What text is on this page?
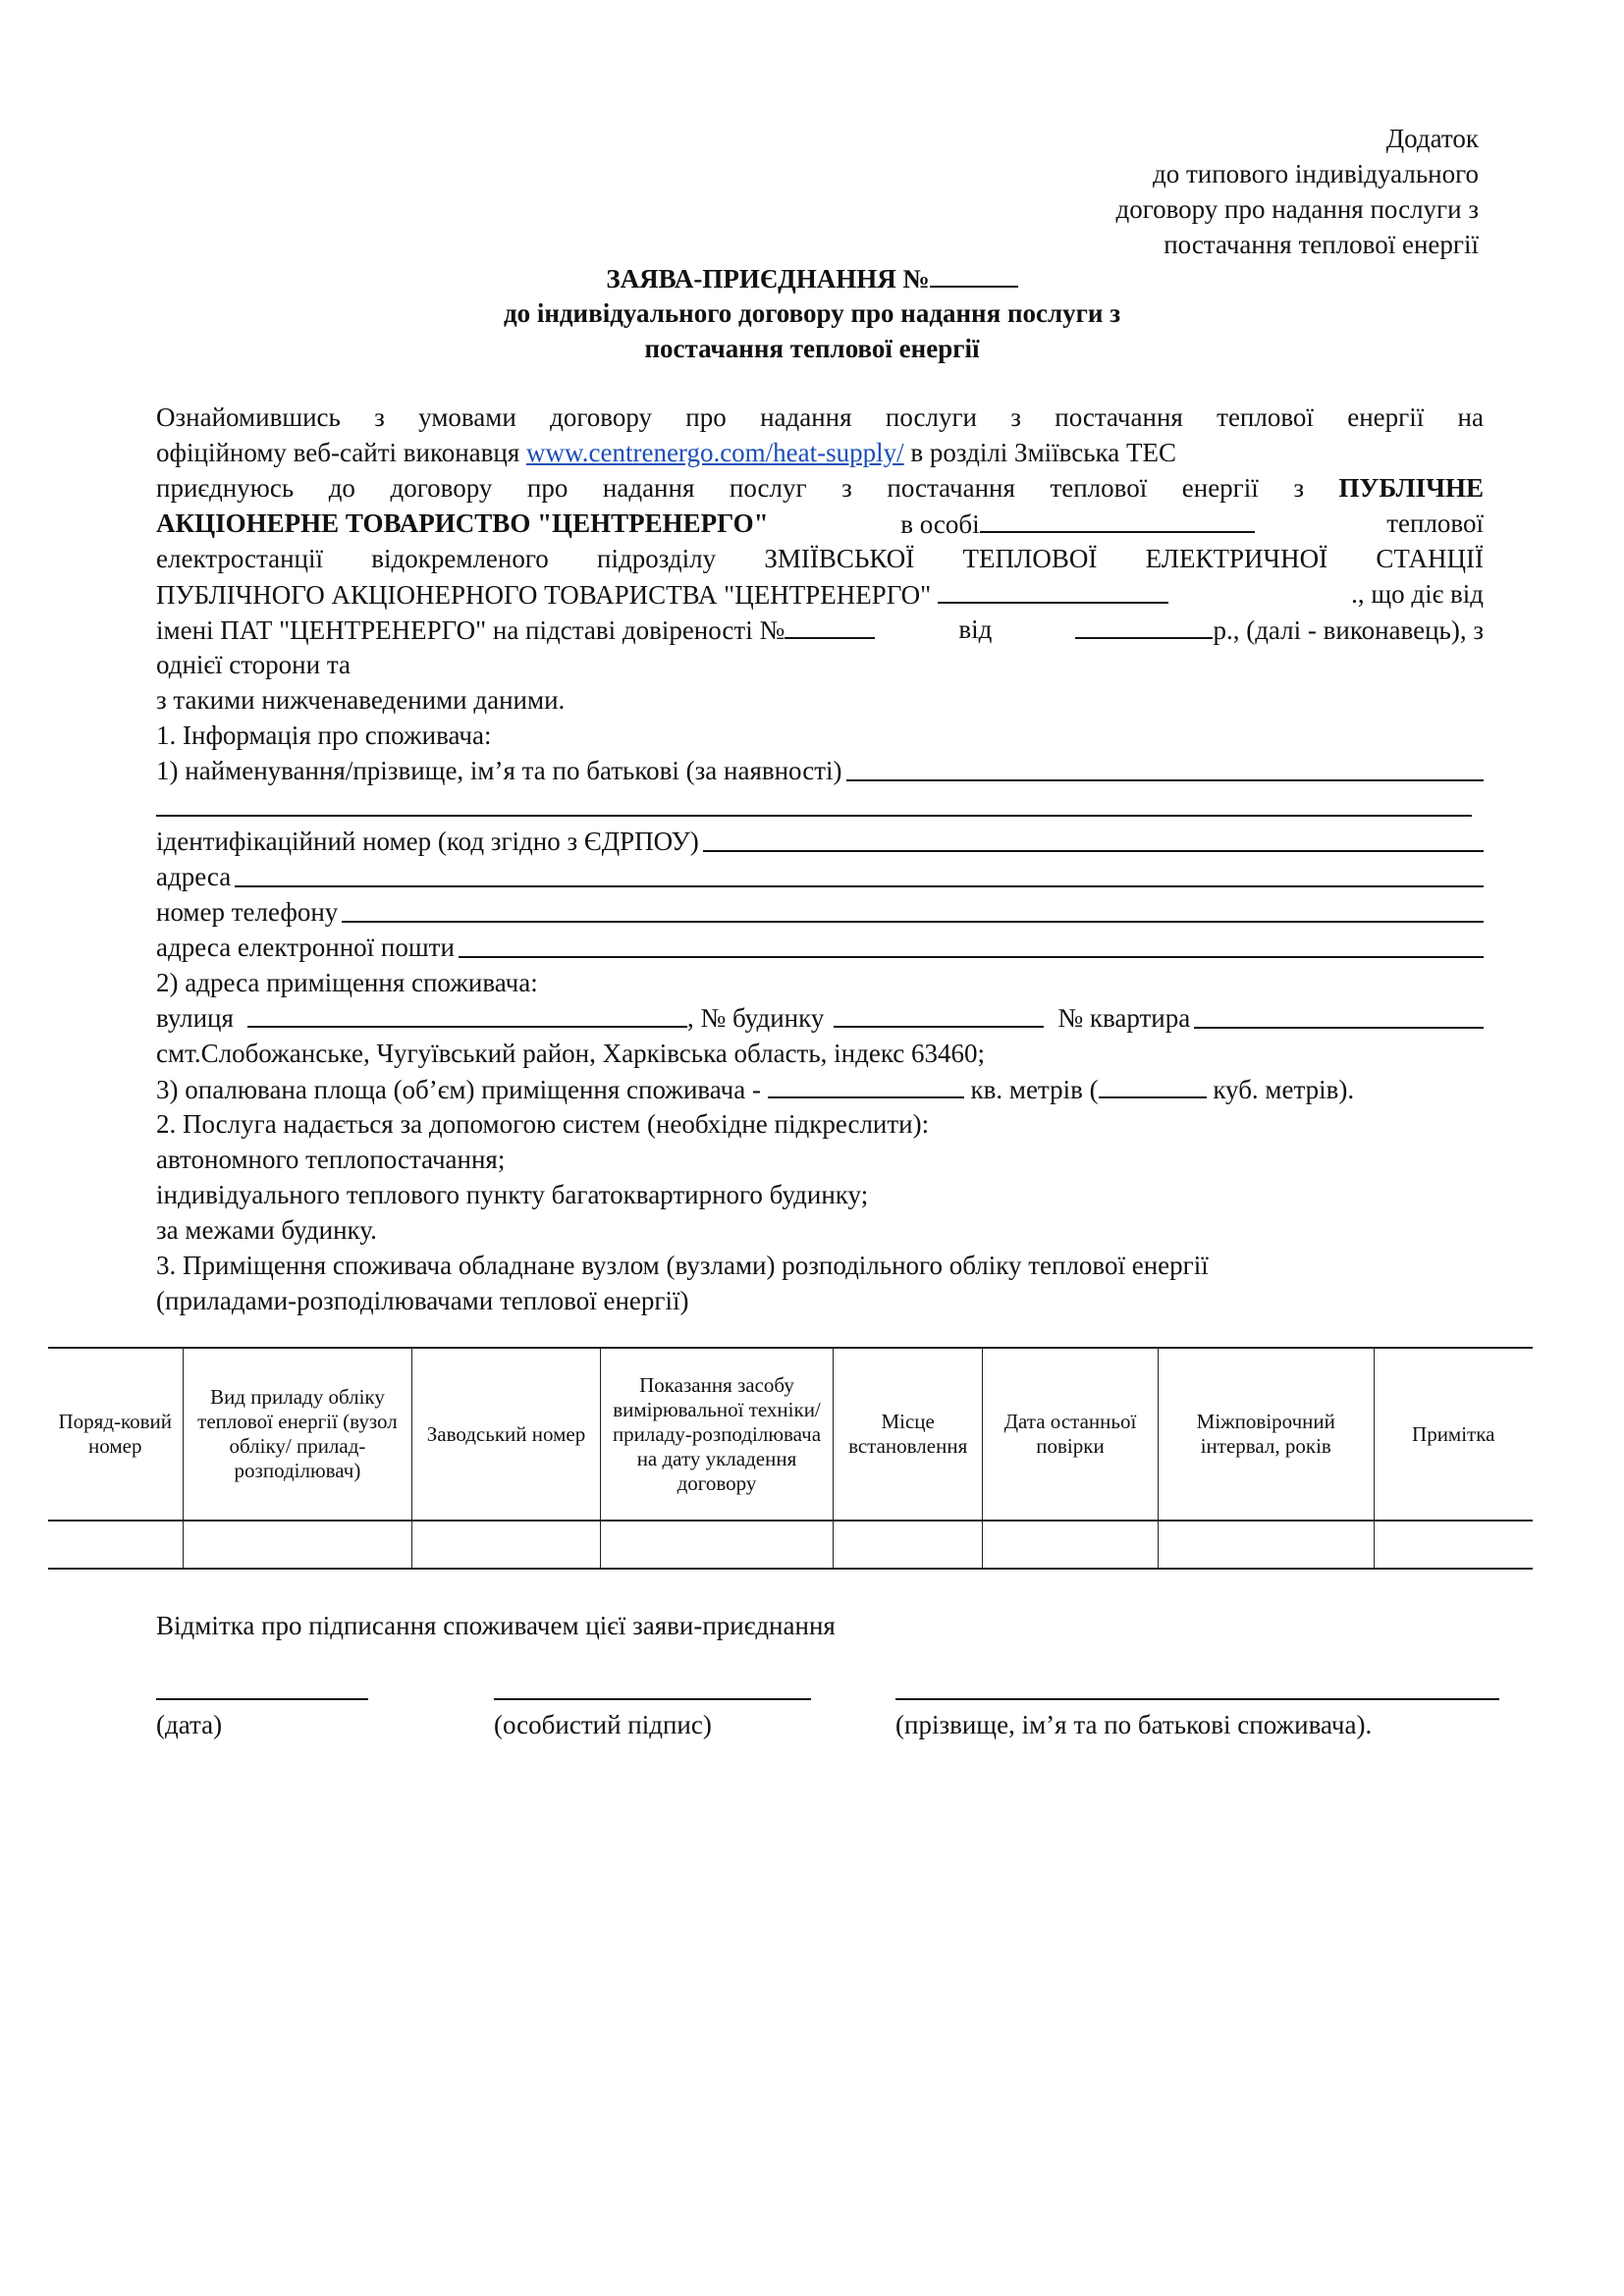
Додаток
до типового індивідуального
договору про надання послуги з
постачання теплової енергії
ЗАЯВА-ПРИЄДНАННЯ №
до індивідуального договору про надання послуги з
постачання теплової енергії
Ознайомившись з умовами договору про надання послуги з постачання теплової енергії на
офіційному веб-сайті виконавця www.centrenergo.com/heat-supply/ в розділі Зміївська ТЕС
приєднуюсь до договору про надання послуг з постачання теплової енергії з ПУБЛІЧНЕ
АКЦІОНЕРНЕ ТОВАРИСТВО "ЦЕНТРЕНЕРГО"	в особі	теплової
електростанції відокремленого підрозділу ЗМІЇВСЬКОЇ ТЕПЛОВОЇ ЕЛЕКТРИЧНОЇ СТАНЦІЇ
ПУБЛІЧНОГО АКЦІОНЕРНОГО ТОВАРИСТВА "ЦЕНТРЕНЕРГО"	., що діє від
імені ПАТ "ЦЕНТРЕНЕРГО" на підставі довіреності №	від	р., (далі - виконавець), з
однієї сторони та
з такими нижченаведеними даними.
1. Інформація про споживача:
1) найменування/прізвище, ім’я та по батькові (за наявності)
ідентифікаційний номер (код згідно з ЄДРПОУ)
адреса
номер телефону
адреса електронної пошти
2) адреса приміщення споживача:
вулиця	, № будинку	№ квартира
смт.Слобожанське, Чугуївський район, Харківська область, індекс 63460;
3) опалювана площа (об’єм) приміщення споживача -	кв. метрів (	куб. метрів).
2. Послуга надається за допомогою систем (необхідне підкреслити):
автономного теплопостачання;
індивідуального теплового пункту багатоквартирного будинку;
за межами будинку.
3. Приміщення споживача обладнане вузлом (вузлами) розподільного обліку теплової енергії
(приладами-розподілювачами теплової енергії)
Поряд-ковий номер	Вид приладу обліку теплової енергії (вузол обліку/ прилад-розподілювач)	Заводський номер	Показання засобу вимірювальної техніки/ приладу-розподілювача на дату укладення договору	Місце встановлення	Дата останньої повірки	Міжповірочний інтервал, років	Примітка

Відмітка про підписання споживачем цієї заяви-приєднання
(дата)	(особистий підпис)	(прізвище, ім’я та по батькові споживача).
